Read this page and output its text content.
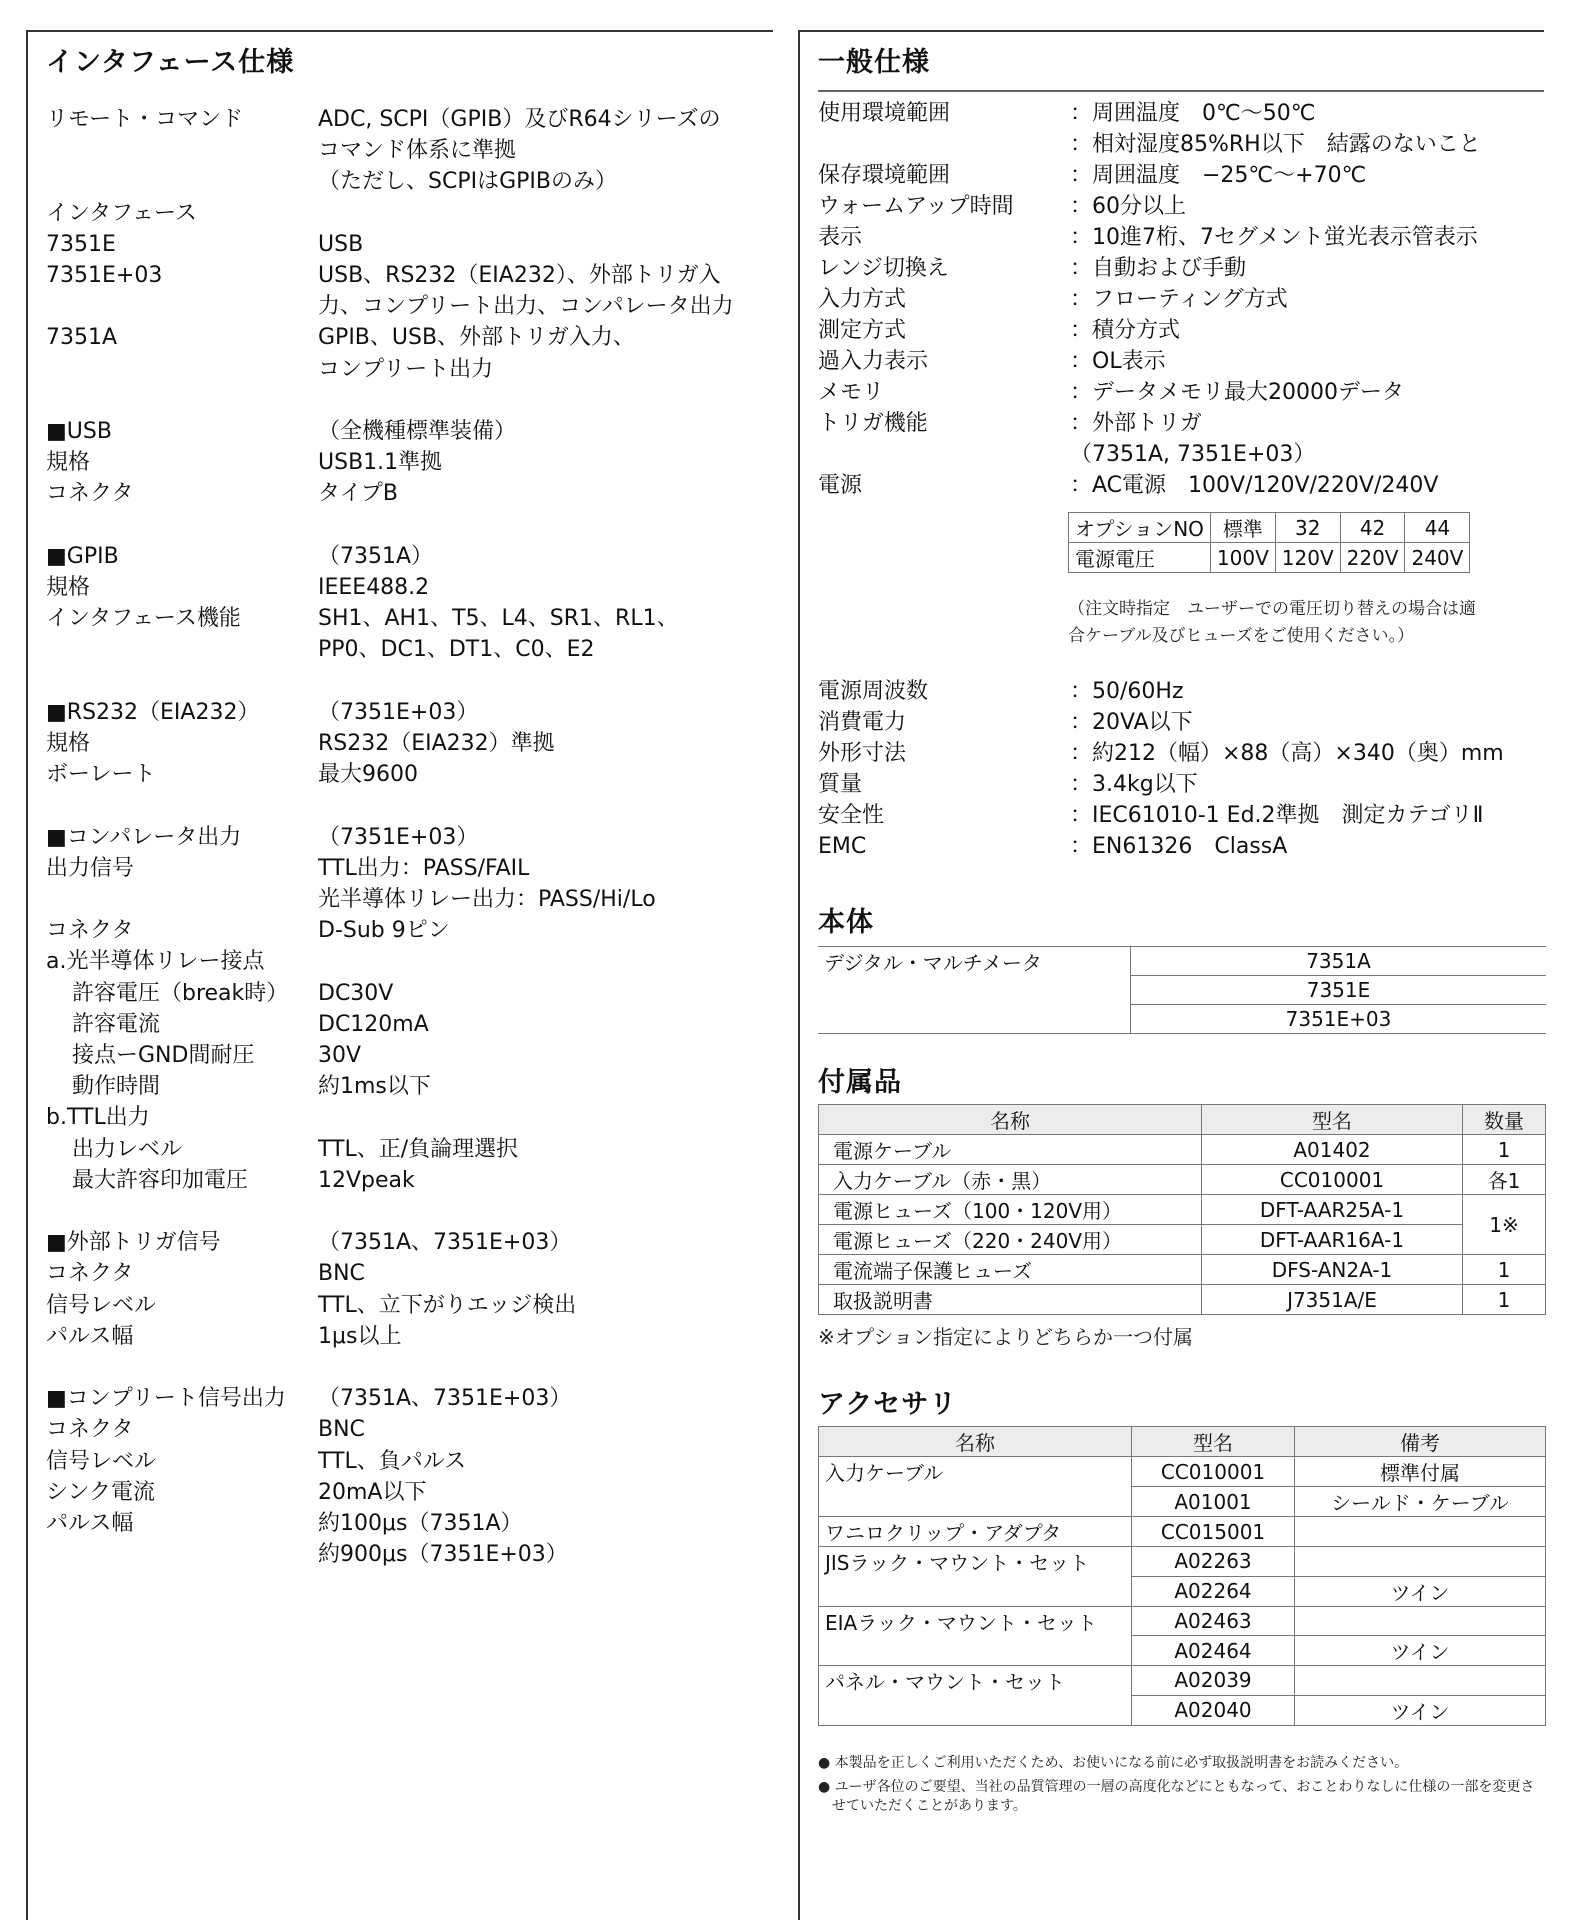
インタフェース仕様
リモート・コマンド	ADC, SCPI（GPIB）及びR64シリーズの
コマンド体系に準拠
（ただし、SCPIはGPIBのみ）
インタフェース
7351E	USB
7351E+03	USB、RS232（EIA232）、外部トリガ入
力、コンプリート出力、コンパレータ出力
7351A	GPIB、USB、外部トリガ入力、
コンプリート出力
■USB	（全機種標準装備）
規格	USB1.1準拠
コネクタ	タイプB
■GPIB	（7351A）
規格	IEEE488.2
インタフェース機能	SH1、AH1、T5、L4、SR1、RL1、
PP0、DC1、DT1、C0、E2
■RS232（EIA232）	（7351E+03）
規格	RS232（EIA232）準拠
ボーレート	最大9600
■コンパレータ出力	（7351E+03）
出力信号	TTL出力：PASS/FAIL
光半導体リレー出力：PASS/Hi/Lo
コネクタ	D-Sub 9ピン
a.光半導体リレー接点
許容電圧（break時） DC30V
許容電流	DC120mA
接点ーGND間耐圧	30V
動作時間	約1ms以下
b.TTL出力
出力レベル	TTL、正/負論理選択
最大許容印加電圧	12Vpeak
■外部トリガ信号	（7351A、7351E+03）
コネクタ	BNC
信号レベル	TTL、立下がりエッジ検出
パルス幅	1μs以上
■コンプリート信号出力 （7351A、7351E+03）
コネクタ	BNC
信号レベル	TTL、負パルス
シンク電流	20mA以下
パルス幅	約100μs（7351A）
約900μs（7351E+03）
一般仕様
使用環境範囲	：周囲温度　0℃〜50℃
：相対湿度85%RH以下　結露のないこと
保存環境範囲	：周囲温度　−25℃〜+70℃
ウォームアップ時間	：60分以上
表示	：10進7桁、7セグメント蛍光表示管表示
レンジ切換え	：自動および手動
入力方式	：フローティング方式
測定方式	：積分方式
過入力表示	：OL表示
メモリ	：データメモリ最大20000データ
トリガ機能	：外部トリガ
（7351A, 7351E+03）
電源	：AC電源　100V/120V/220V/240V
オプションNO	標準	32	42	44
電源電圧	100V	120V	220V	240V
（注文時指定　ユーザーでの電圧切り替えの場合は適
合ケーブル及びヒューズをご使用ください。）
電源周波数	：50/60Hz
消費電力	：20VA以下
外形寸法	：約212（幅）×88（高）×340（奥）mm
質量	：3.4kg以下
安全性	：IEC61010-1 Ed.2準拠　測定カテゴリⅡ
EMC	：EN61326　ClassA
本体
デジタル・マルチメータ	7351A
7351E
7351E+03
付属品
名称	型名	数量
電源ケーブル	A01402	1
入力ケーブル（赤・黒）	CC010001	各1
電源ヒューズ（100・120V用）	DFT-AAR25A-1	1※
電源ヒューズ（220・240V用）	DFT-AAR16A-1	
電流端子保護ヒューズ	DFS-AN2A-1	1
取扱説明書	J7351A/E	1
※オプション指定によりどちらか一つ付属
アクセサリ
名称	型名	備考
入力ケーブル	CC010001	標準付属
	A01001	シールド・ケーブル
ワニロクリップ・アダプタ	CC015001	
JISラック・マウント・セット	A02263	
	A02264	ツイン
EIAラック・マウント・セット	A02463	
	A02464	ツイン
パネル・マウント・セット	A02039	
	A02040	ツイン
● 本製品を正しくご利用いただくため、お使いになる前に必ず取扱説明書をお読みください。
● ユーザ各位のご要望、当社の品質管理の一層の高度化などにともなって、おことわりなしに仕様の一部を変更させていただくことがあります。
